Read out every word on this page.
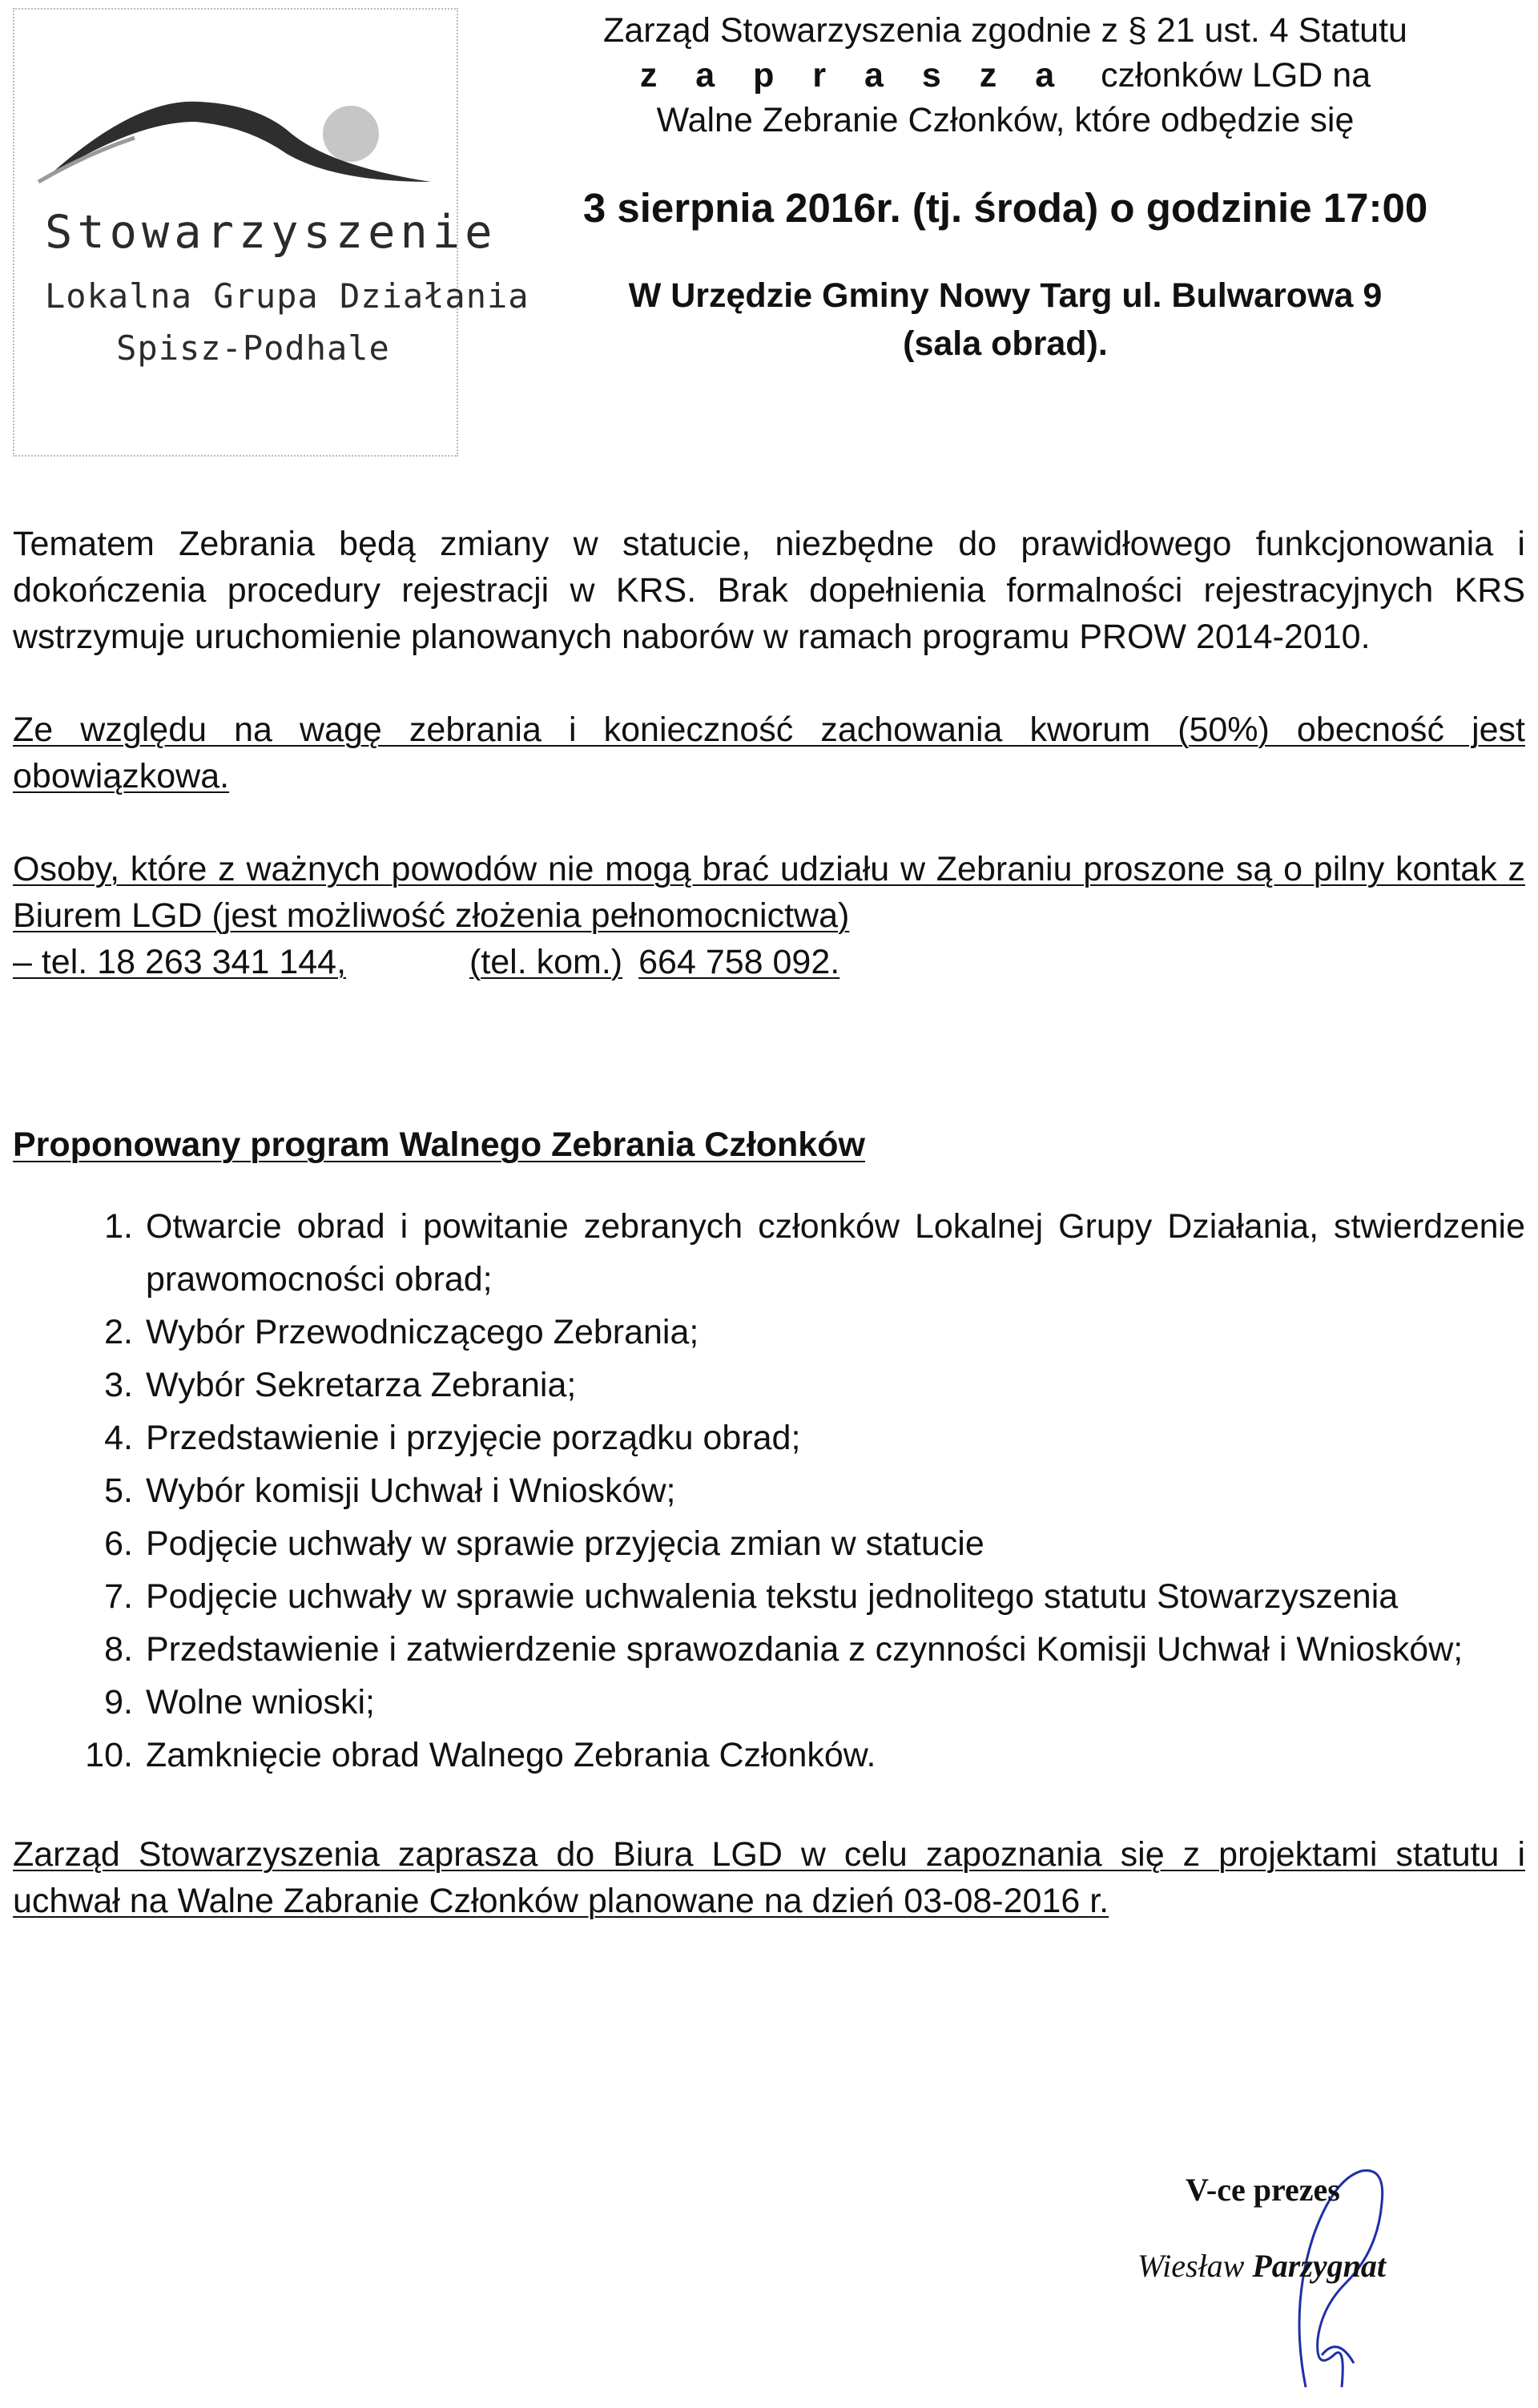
Stowarzyszenie
Lokalna Grupa Działania
Spisz-Podhale
Zarząd Stowarzyszenia zgodnie z § 21 ust. 4 Statutu
z a p r a s z a członków LGD na
Walne Zebranie Członków, które odbędzie się
3 sierpnia 2016r. (tj. środa) o godzinie 17:00
W Urzędzie Gminy Nowy Targ ul. Bulwarowa 9
(sala obrad).

Tematem Zebrania będą zmiany w statucie, niezbędne do prawidłowego funkcjonowania i dokończenia procedury rejestracji w KRS. Brak dopełnienia formalności rejestracyjnych KRS wstrzymuje uruchomienie planowanych naborów w ramach programu PROW 2014-2010.

Ze względu na wagę zebrania i konieczność zachowania kworum (50%) obecność jest obowiązkowa.

Osoby, które z ważnych powodów nie mogą brać udziału w Zebraniu proszone są o pilny kontak z Biurem LGD (jest możliwość złożenia pełnomocnictwa)

– tel. 18 263 341 144,	(tel. kom.) 664 758 092.
Proponowany program Walnego Zebrania Członków
1. Otwarcie obrad i powitanie zebranych członków Lokalnej Grupy Działania, stwierdzenie prawomocności obrad;
2. Wybór Przewodniczącego Zebrania;
3. Wybór Sekretarza Zebrania;
4. Przedstawienie i przyjęcie porządku obrad;
5. Wybór komisji Uchwał i Wniosków;
6. Podjęcie uchwały w sprawie przyjęcia zmian w statucie
7. Podjęcie uchwały w sprawie uchwalenia tekstu jednolitego statutu Stowarzyszenia
8. Przedstawienie i zatwierdzenie sprawozdania z czynności Komisji Uchwał i Wniosków;
9. Wolne wnioski;
10. Zamknięcie obrad Walnego Zebrania Członków.

Zarząd Stowarzyszenia zaprasza do Biura LGD w celu zapoznania się z projektami statutu i uchwał na Walne Zabranie Członków planowane na dzień 03-08-2016 r.

V-ce prezes
Wiesław Parzygnat
